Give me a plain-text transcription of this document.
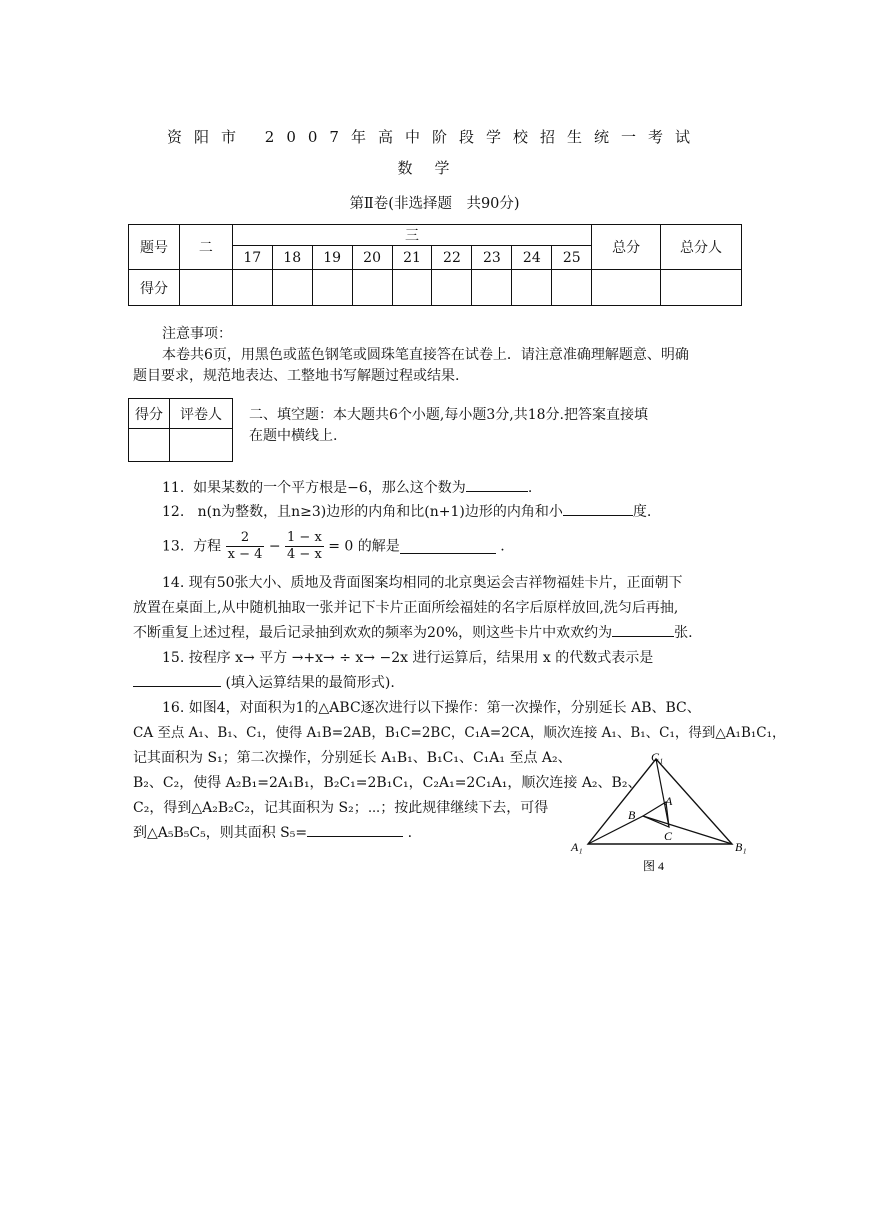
资阳市 2007年高中阶段学校招生统一考试
数学
第Ⅱ卷(非选择题　共90分)
题号	二	三									总分	总分人
		17	18	19	20	21	22	23	24	25		
得分												
注意事项：
本卷共6页，用黑色或蓝色钢笔或圆珠笔直接答在试卷上．请注意准确理解题意、明确
题目要求，规范地表达、工整地书写解题过程或结果.
得分	评卷人
	二、填空题：本大题共6个小题,每小题3分,共18分.把答案直接填
在题中横线上.
11. 如果某数的一个平方根是−6，那么这个数为	.
12. n(n为整数，且n≥3)边形的内角和比(n+1)边形的内角和小	度.
13. 方程 $\frac{2}{x - 4} - \frac{1 - x}{4 - x} = 0$ 的解是	.
14. 现有50张大小、质地及背面图案均相同的北京奥运会吉祥物福娃卡片，正面朝下
放置在桌面上,从中随机抽取一张并记下卡片正面所绘福娃的名字后原样放回,洗匀后再抽,
不断重复上述过程，最后记录抽到欢欢的频率为20%，则这些卡片中欢欢约为	张.
15. 按程序 x→ 平方 →+x→ ÷ x→ −2x 进行运算后，结果用 x 的代数式表示是
(填入运算结果的最简形式).
16. 如图4，对面积为1的△ABC逐次进行以下操作：第一次操作，分别延长 AB、BC、
CA 至点 A₁、B₁、C₁，使得 A₁B=2AB，B₁C=2BC，C₁A=2CA，顺次连接 A₁、B₁、C₁，得到△A₁B₁C₁，
记其面积为 S₁；第二次操作，分别延长 A₁B₁、B₁C₁、C₁A₁ 至点 A₂、
B₂、C₂，使得 A₂B₁=2A₁B₁，B₂C₁=2B₁C₁，C₂A₁=2C₁A₁，顺次连接 A₂、B₂、
C₂，得到△A₂B₂C₂，记其面积为 S₂；⋯；按此规律继续下去，可得
到△A₅B₅C₅，则其面积 S₅=	.
C₁
A
B
C
A₁	B₁
图 4
